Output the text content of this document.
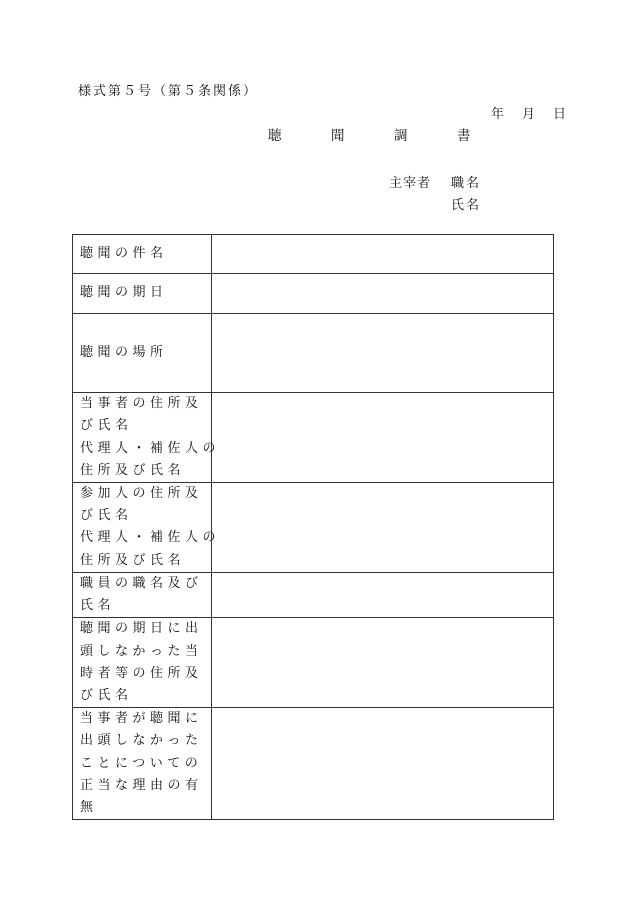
様式第５号（第５条関係）
年 月 日
聴　聞　調　書
主宰者	職名
氏名
聴聞の件名	

聴聞の期日	

聴聞の場所	

当事者の住所及
び氏名
代理人・補佐人の
住所及び氏名	

参加人の住所及
び氏名
代理人・補佐人の
住所及び氏名	

職員の職名及び
氏名	

聴聞の期日に出
頭しなかった当
時者等の住所及
び氏名	

当事者が聴聞に
出頭しなかった
ことについての
正当な理由の有
無	
